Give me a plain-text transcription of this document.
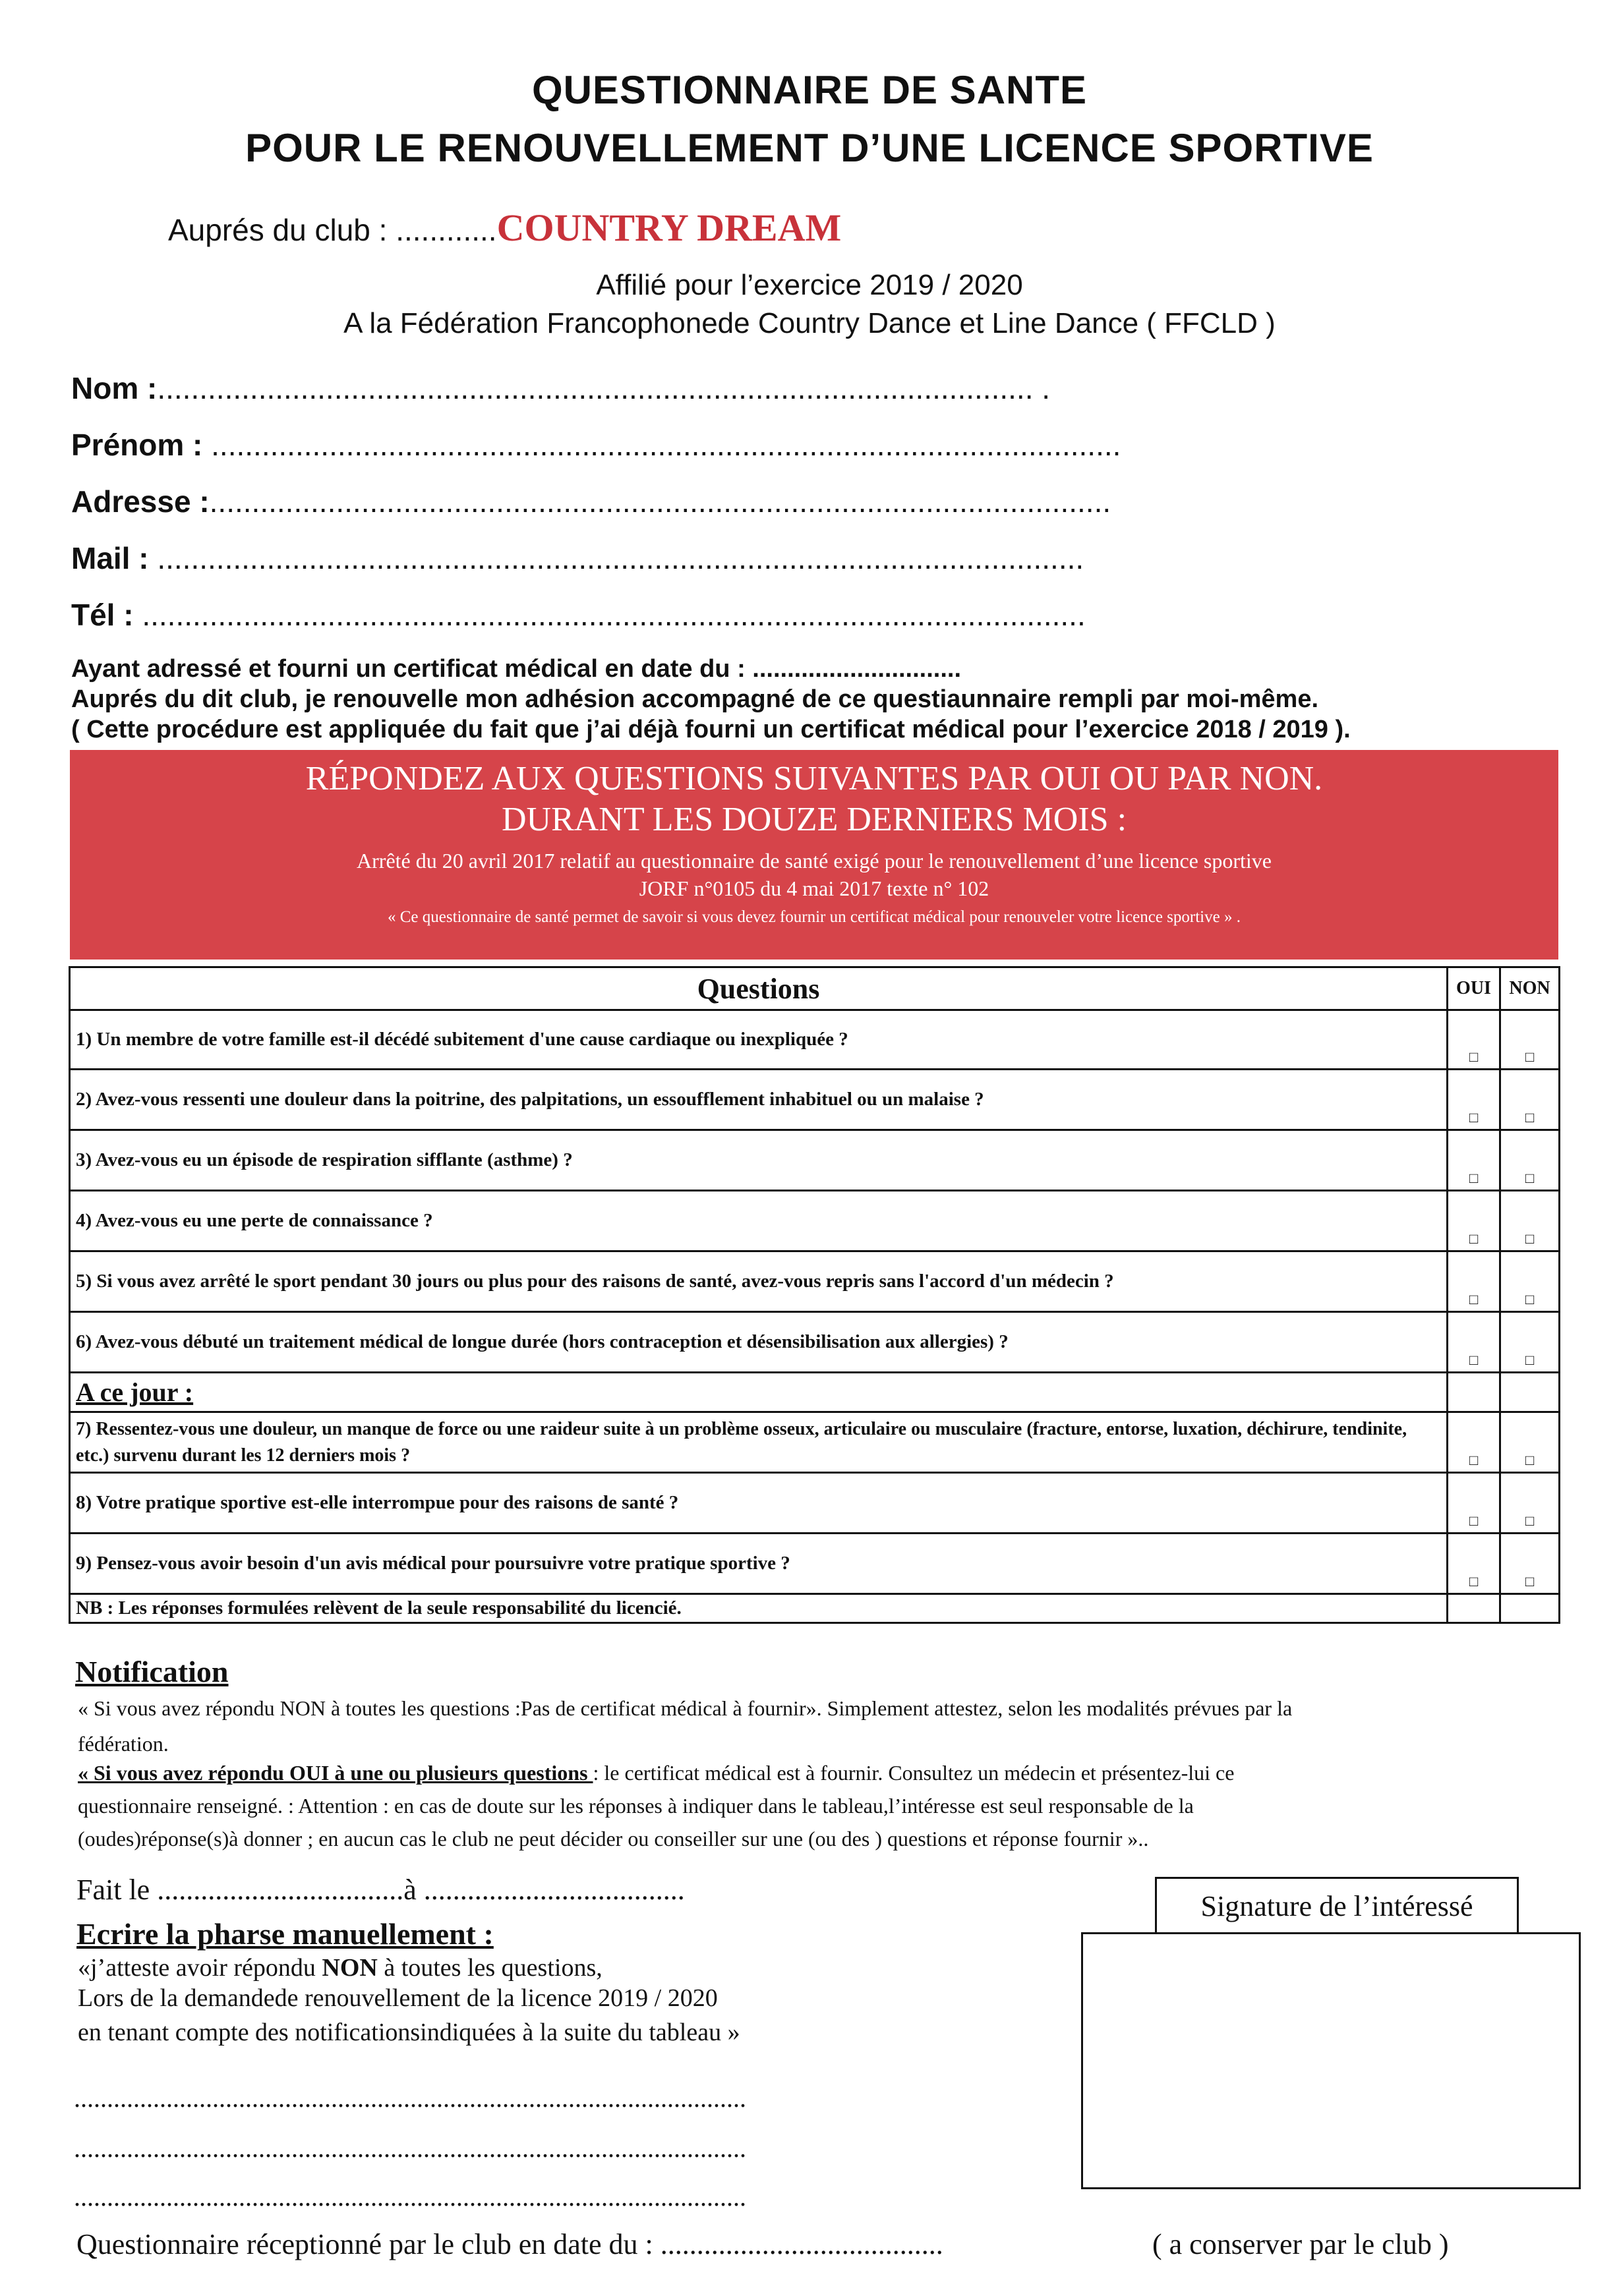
QUESTIONNAIRE DE SANTE
POUR LE RENOUVELLEMENT D’UNE LICENCE SPORTIVE
Auprés du club : ............COUNTRY DREAM
Affilié pour l’exercice 2019 / 2020
A la Fédération Francophonede Country Dance et Line Dance ( FFCLD )
Nom :........................................................................................................ .
Prénom : ............................................................................................................
Adresse :...........................................................................................................
Mail : ..............................................................................................................
Tél : ................................................................................................................
Ayant adressé et fourni un certificat médical en date du : ..............................
Auprés du dit club, je renouvelle mon adhésion accompagné de ce questiaunnaire rempli par moi-même.
( Cette procédure est appliquée du fait que j’ai déjà fourni un certificat médical pour l’exercice 2018 / 2019 ).
RÉPONDEZ AUX QUESTIONS SUIVANTES PAR OUI OU PAR NON.
DURANT LES DOUZE DERNIERS MOIS :
Arrêté du 20 avril 2017 relatif au questionnaire de santé exigé pour le renouvellement d’une licence sportive
JORF n°0105 du 4 mai 2017 texte n° 102
« Ce questionnaire de santé permet de savoir si vous devez fournir un certificat médical pour renouveler votre licence sportive » .
Questions	OUI	NON
1) Un membre de votre famille est-il décédé subitement d'une cause cardiaque ou inexpliquée ?	□	□
2) Avez-vous ressenti une douleur dans la poitrine, des palpitations, un essoufflement inhabituel ou un malaise ?	□	□
3) Avez-vous eu un épisode de respiration sifflante (asthme) ?	□	□
4) Avez-vous eu une perte de connaissance ?	□	□
5) Si vous avez arrêté le sport pendant 30 jours ou plus pour des raisons de santé, avez-vous repris sans l'accord d'un médecin ?	□	□
6) Avez-vous débuté un traitement médical de longue durée (hors contraception et désensibilisation aux allergies) ?	□	□
A ce jour :		
7) Ressentez-vous une douleur, un manque de force ou une raideur suite à un problème osseux, articulaire ou musculaire (fracture, entorse, luxation, déchirure, tendinite, etc.) survenu durant les 12 derniers mois ?	□	□
8) Votre pratique sportive est-elle interrompue pour des raisons de santé ?	□	□
9) Pensez-vous avoir besoin d'un avis médical pour poursuivre votre pratique sportive ?	□	□
NB : Les réponses formulées relèvent de la seule responsabilité du licencié.		
Notification
« Si vous avez répondu NON à toutes les questions :Pas de certificat médical à fournir». Simplement attestez, selon les modalités prévues par la
fédération.
« Si vous avez répondu OUI à une ou plusieurs questions : le certificat médical est à fournir. Consultez un médecin et présentez-lui ce
questionnaire renseigné. : Attention : en cas de doute sur les réponses à indiquer dans le tableau,l’intéresse est seul responsable de la
(oudes)réponse(s)à donner ; en aucun cas le club ne peut décider ou conseiller sur une (ou des ) questions et réponse fournir »..
Fait le ..................................à ....................................
Ecrire la pharse manuellement :
«j’atteste avoir répondu NON à toutes les questions,
Lors de la demandede renouvellement de la licence 2019 / 2020
en tenant compte des notificationsindiquées à la suite du tableau »
......................................................................................................
......................................................................................................
......................................................................................................
Signature de l’intéressé
Questionnaire réceptionné par le club en date du : .......................................	( a conserver par le club )
